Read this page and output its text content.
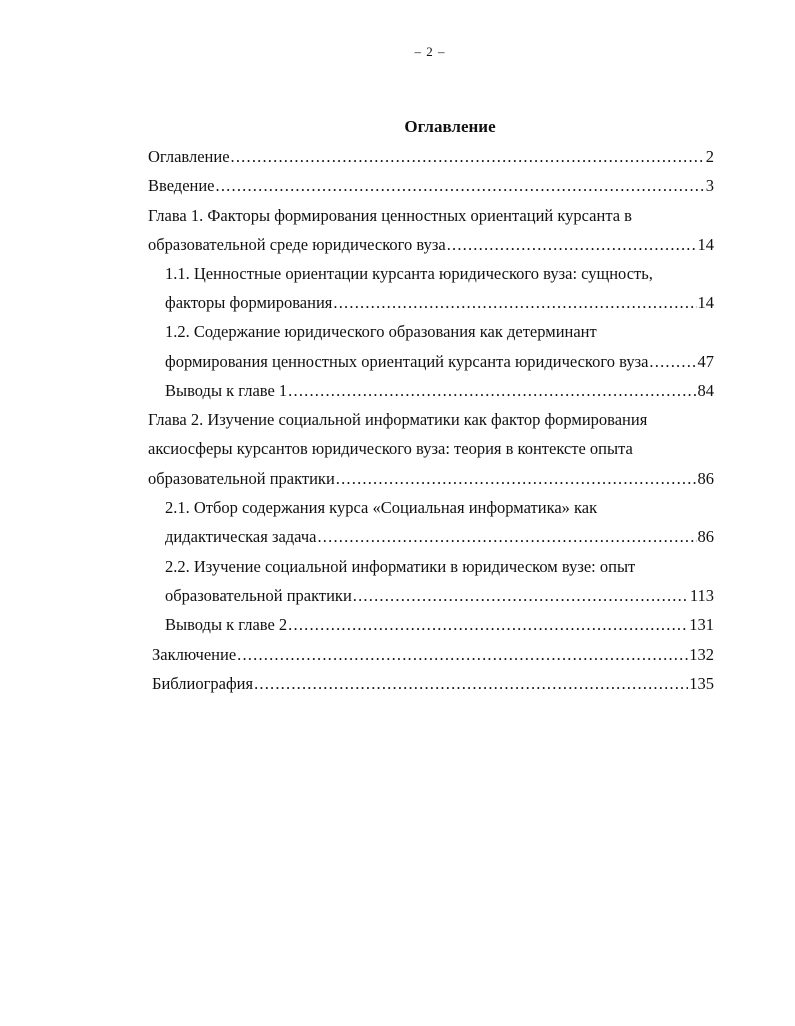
– 2 –
Оглавление
Оглавление .....	2
Введение .....	3
Глава 1. Факторы формирования ценностных ориентаций курсанта в
образовательной среде юридического вуза .....	14
1.1. Ценностные ориентации курсанта юридического вуза: сущность,
факторы формирования .....	14
1.2. Содержание юридического образования как детерминант
формирования ценностных ориентаций курсанта юридического вуза .....	47
Выводы к главе 1 .....	84
Глава 2. Изучение социальной информатики как фактор формирования
аксиосферы курсантов юридического вуза: теория в контексте опыта
образовательной практики .....	86
2.1. Отбор содержания курса «Социальная информатика» как
дидактическая задача .....	86
2.2. Изучение социальной информатики в юридическом вузе: опыт
образовательной практики .....	113
Выводы к главе 2 .....	131
Заключение .....	132
Библиография .....	135
